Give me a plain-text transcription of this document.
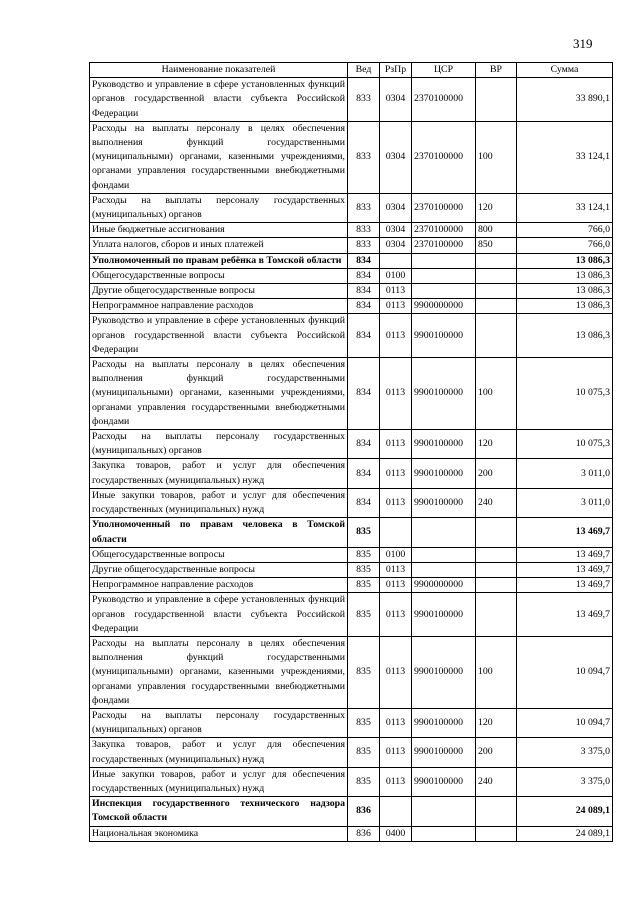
319
Наименование показателей	Вед	РзПр	ЦСР	ВР	Сумма
Руководство и управление в сфере установленных функций органов государственной власти субъекта Российской Федерации	833	0304	2370100000		33 890,1
Расходы на выплаты персоналу в целях обеспечения выполнения функций государственными (муниципальными) органами, казенными учреждениями, органами управления государственными внебюджетными фондами	833	0304	2370100000	100	33 124,1
Расходы на выплаты персоналу государственных (муниципальных) органов	833	0304	2370100000	120	33 124,1
Иные бюджетные ассигнования	833	0304	2370100000	800	766,0
Уплата налогов, сборов и иных платежей	833	0304	2370100000	850	766,0
Уполномоченный по правам ребёнка в Томской области	834				13 086,3
Общегосударственные вопросы	834	0100			13 086,3
Другие общегосударственные вопросы	834	0113			13 086,3
Непрограммное направление расходов	834	0113	9900000000		13 086,3
Руководство и управление в сфере установленных функций органов государственной власти субъекта Российской Федерации	834	0113	9900100000		13 086,3
Расходы на выплаты персоналу в целях обеспечения выполнения функций государственными (муниципальными) органами, казенными учреждениями, органами управления государственными внебюджетными фондами	834	0113	9900100000	100	10 075,3
Расходы на выплаты персоналу государственных (муниципальных) органов	834	0113	9900100000	120	10 075,3
Закупка товаров, работ и услуг для обеспечения государственных (муниципальных) нужд	834	0113	9900100000	200	3 011,0
Иные закупки товаров, работ и услуг для обеспечения государственных (муниципальных) нужд	834	0113	9900100000	240	3 011,0
Уполномоченный по правам человека в Томской области	835				13 469,7
Общегосударственные вопросы	835	0100			13 469,7
Другие общегосударственные вопросы	835	0113			13 469,7
Непрограммное направление расходов	835	0113	9900000000		13 469,7
Руководство и управление в сфере установленных функций органов государственной власти субъекта Российской Федерации	835	0113	9900100000		13 469,7
Расходы на выплаты персоналу в целях обеспечения выполнения функций государственными (муниципальными) органами, казенными учреждениями, органами управления государственными внебюджетными фондами	835	0113	9900100000	100	10 094,7
Расходы на выплаты персоналу государственных (муниципальных) органов	835	0113	9900100000	120	10 094,7
Закупка товаров, работ и услуг для обеспечения государственных (муниципальных) нужд	835	0113	9900100000	200	3 375,0
Иные закупки товаров, работ и услуг для обеспечения государственных (муниципальных) нужд	835	0113	9900100000	240	3 375,0
Инспекция государственного технического надзора Томской области	836				24 089,1
Национальная экономика	836	0400			24 089,1
